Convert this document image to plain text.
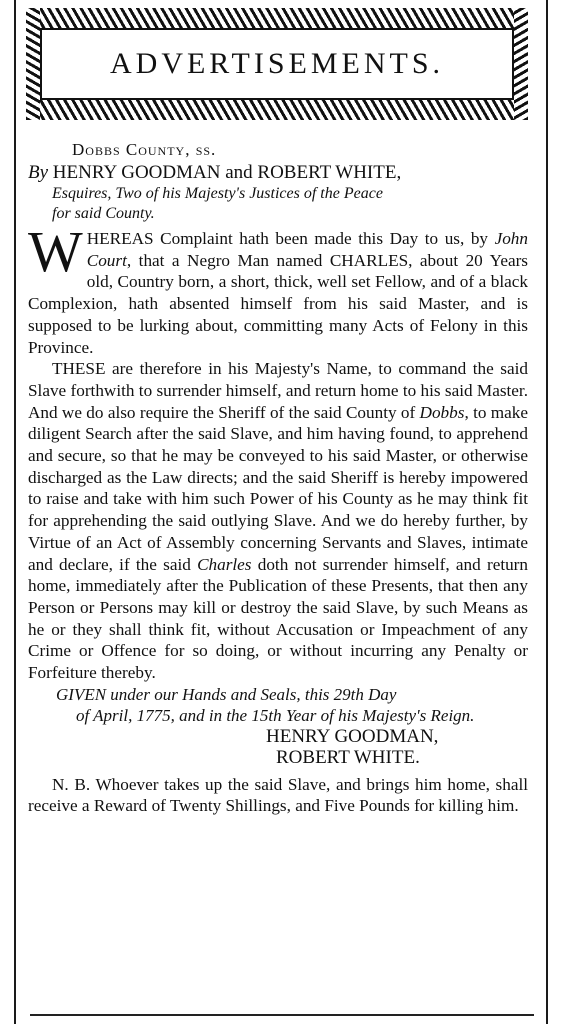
ADVERTISEMENTS.

Dobbs County, ss.

By HENRY GOODMAN and ROBERT WHITE,

Esquires, Two of his Majesty's Justices of the Peace

for said County.

WHEREAS Complaint hath been made this Day to us, by John Court, that a Negro Man named CHARLES, about 20 Years old, Country born, a short, thick, well set Fellow, and of a black Complexion, hath absented himself from his said Master, and is supposed to be lurking about, committing many Acts of Felony in this Province.

THESE are therefore in his Majesty's Name, to command the said Slave forthwith to surrender himself, and return home to his said Master. And we do also require the Sheriff of the said County of Dobbs, to make diligent Search after the said Slave, and him having found, to apprehend and secure, so that he may be conveyed to his said Master, or otherwise discharged as the Law directs; and the said Sheriff is hereby impowered to raise and take with him such Power of his County as he may think fit for apprehending the said outlying Slave. And we do hereby further, by Virtue of an Act of Assembly concerning Servants and Slaves, intimate and declare, if the said Charles doth not surrender himself, and return home, immediately after the Publication of these Presents, that then any Person or Persons may kill or destroy the said Slave, by such Means as he or they shall think fit, without Accusation or Impeachment of any Crime or Offence for so doing, or without incurring any Penalty or Forfeiture thereby.

GIVEN under our Hands and Seals, this 29th Day

of April, 1775, and in the 15th Year of his Majesty's Reign.

HENRY GOODMAN,

ROBERT WHITE.

N. B. Whoever takes up the said Slave, and brings him home, shall receive a Reward of Twenty Shillings, and Five Pounds for killing him.
